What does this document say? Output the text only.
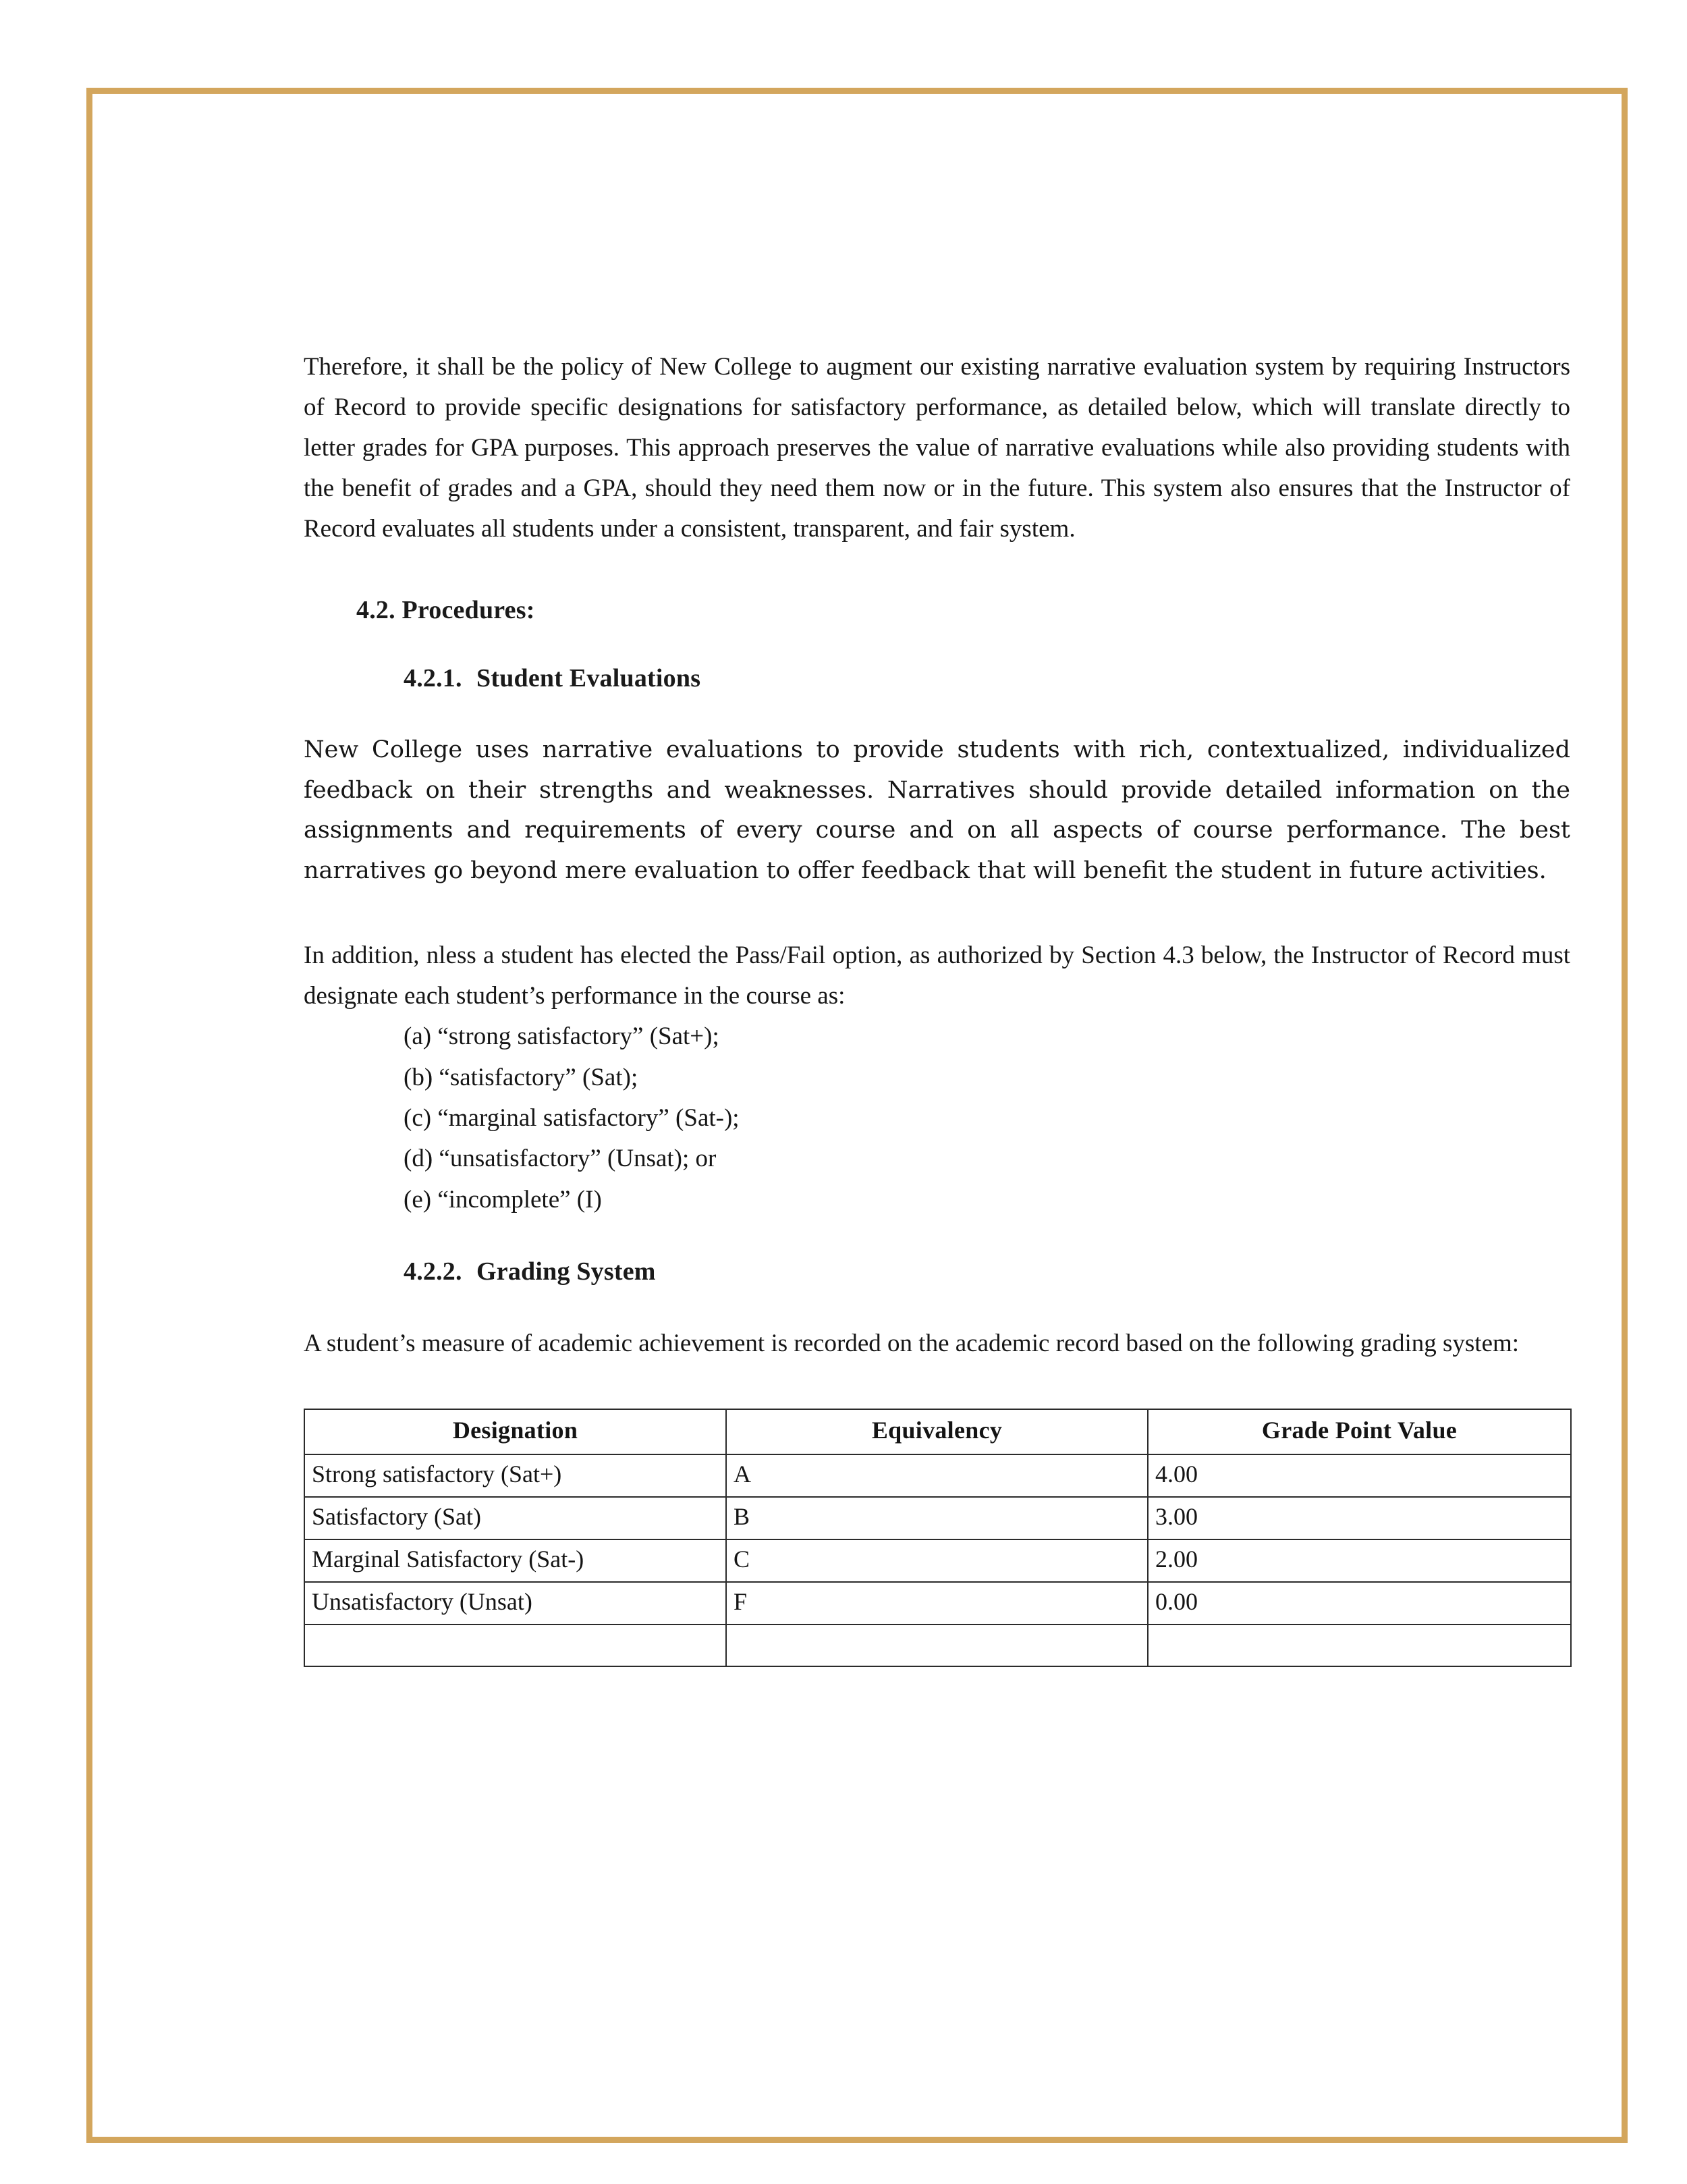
Therefore, it shall be the policy of New College to augment our existing narrative evaluation system by requiring Instructors of Record to provide specific designations for satisfactory performance, as detailed below, which will translate directly to letter grades for GPA purposes. This approach preserves the value of narrative evaluations while also providing students with the benefit of grades and a GPA, should they need them now or in the future. This system also ensures that the Instructor of Record evaluates all students under a consistent, transparent, and fair system.

4.2. Procedures:
4.2.1. Student Evaluations

New College uses narrative evaluations to provide students with rich, contextualized, individualized feedback on their strengths and weaknesses. Narratives should provide detailed information on the assignments and requirements of every course and on all aspects of course performance. The best narratives go beyond mere evaluation to offer feedback that will benefit the student in future activities.

In addition, nless a student has elected the Pass/Fail option, as authorized by Section 4.3 below, the Instructor of Record must designate each student’s performance in the course as:

(a) “strong satisfactory” (Sat+);
(b) “satisfactory” (Sat);
(c) “marginal satisfactory” (Sat-);
(d) “unsatisfactory” (Unsat); or
(e) “incomplete” (I)
4.2.2. Grading System

A student’s measure of academic achievement is recorded on the academic record based on the following grading system:

Designation	Equivalency	Grade Point Value
Strong satisfactory (Sat+)	A	4.00
Satisfactory (Sat)	B	3.00
Marginal Satisfactory (Sat-)	C	2.00
Unsatisfactory (Unsat)	F	0.00
